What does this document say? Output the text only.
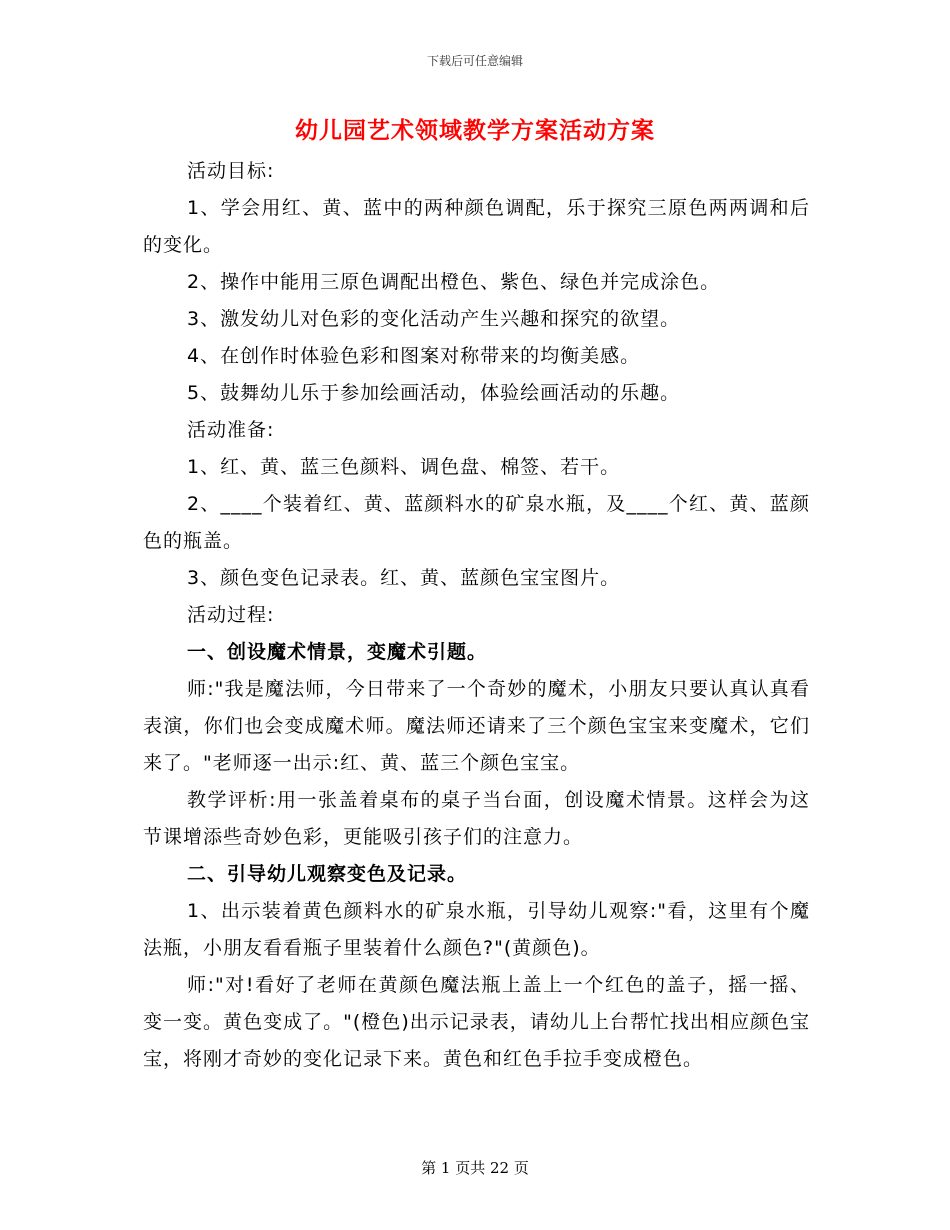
下载后可任意编辑
幼儿园艺术领域教学方案活动方案

活动目标:

1、学会用红、黄、蓝中的两种颜色调配，乐于探究三原色两两调和后的变化。

2、操作中能用三原色调配出橙色、紫色、绿色并完成涂色。

3、激发幼儿对色彩的变化活动产生兴趣和探究的欲望。

4、在创作时体验色彩和图案对称带来的均衡美感。

5、鼓舞幼儿乐于参加绘画活动，体验绘画活动的乐趣。

活动准备:

1、红、黄、蓝三色颜料、调色盘、棉签、若干。

2、____个装着红、黄、蓝颜料水的矿泉水瓶，及____个红、黄、蓝颜色的瓶盖。

3、颜色变色记录表。红、黄、蓝颜色宝宝图片。

活动过程:

一、创设魔术情景，变魔术引题。

师:"我是魔法师，今日带来了一个奇妙的魔术，小朋友只要认真认真看表演，你们也会变成魔术师。魔法师还请来了三个颜色宝宝来变魔术，它们来了。"老师逐一出示:红、黄、蓝三个颜色宝宝。

教学评析:用一张盖着桌布的桌子当台面，创设魔术情景。这样会为这节课增添些奇妙色彩，更能吸引孩子们的注意力。

二、引导幼儿观察变色及记录。

1、出示装着黄色颜料水的矿泉水瓶，引导幼儿观察:"看，这里有个魔法瓶，小朋友看看瓶子里装着什么颜色?"(黄颜色)。

师:"对!看好了老师在黄颜色魔法瓶上盖上一个红色的盖子，摇一摇、变一变。黄色变成了。"(橙色)出示记录表，请幼儿上台帮忙找出相应颜色宝宝，将刚才奇妙的变化记录下来。黄色和红色手拉手变成橙色。

第 1 页共 22 页
